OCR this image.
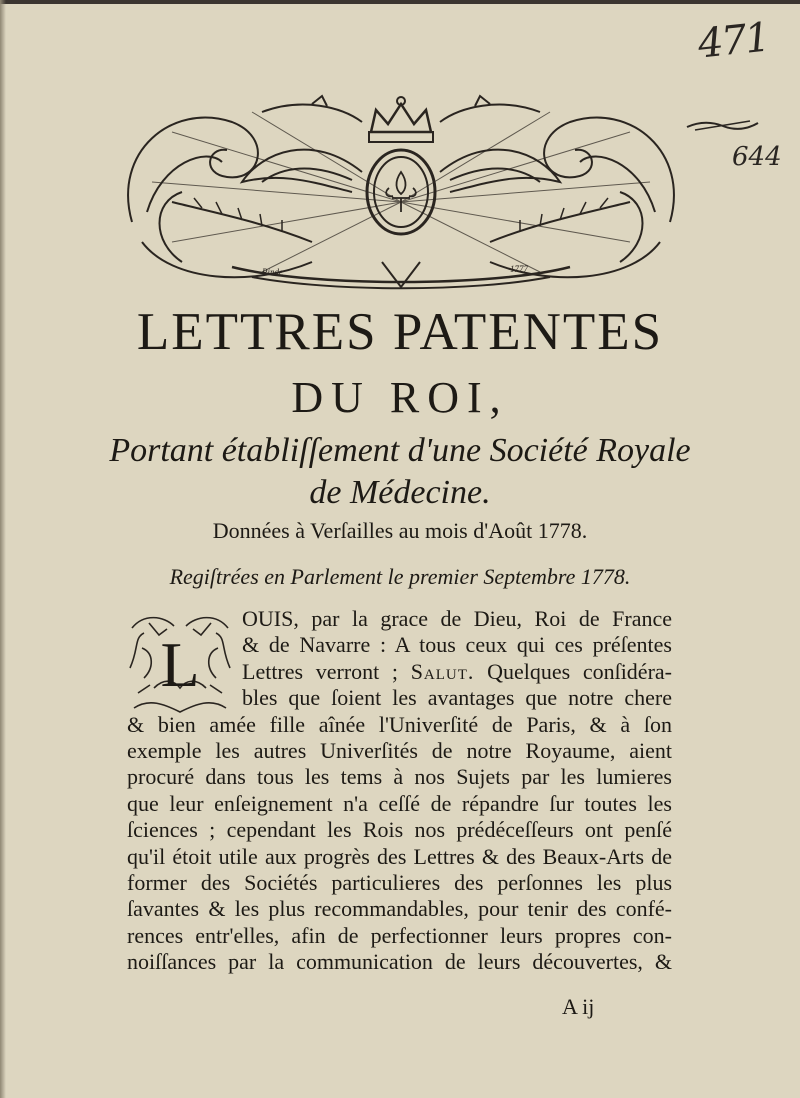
471
644
Rinde	1777
LETTRES PATENTES
DU ROI,
Portant établiſſement d'une Société Royale
de Médecine.
Données à Verſailles au mois d'Août 1778.
Regiſtrées en Parlement le premier Septembre 1778.
L
OUIS, par la grace de Dieu, Roi de France
& de Navarre : A tous ceux qui ces préſentes
Lettres verront ; Salut. Quelques conſidéra-
bles que ſoient les avantages que notre chere
& bien amée fille aînée l'Univerſité de Paris, & à ſon
exemple les autres Univerſités de notre Royaume, aient
procuré dans tous les tems à nos Sujets par les lumieres
que leur enſeignement n'a ceſſé de répandre ſur toutes les
ſciences ; cependant les Rois nos prédéceſſeurs ont penſé
qu'il étoit utile aux progrès des Lettres & des Beaux-Arts de
former des Sociétés particulieres des perſonnes les plus
ſavantes & les plus recommandables, pour tenir des confé-
rences entr'elles, afin de perfectionner leurs propres con-
noiſſances par la communication de leurs découvertes, &
A ij
